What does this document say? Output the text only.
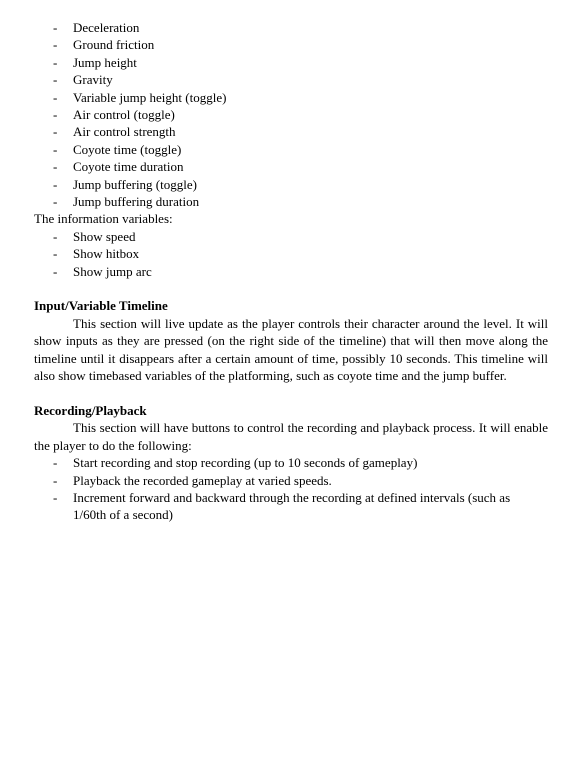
- Deceleration
- Ground friction
- Jump height
- Gravity
- Variable jump height (toggle)
- Air control (toggle)
- Air control strength
- Coyote time (toggle)
- Coyote time duration
- Jump buffering (toggle)
- Jump buffering duration
The information variables:
- Show speed
- Show hitbox
- Show jump arc
Input/Variable Timeline

This section will live update as the player controls their character around the level. It will show inputs as they are pressed (on the right side of the timeline) that will then move along the timeline until it disappears after a certain amount of time, possibly 10 seconds. This timeline will also show timebased variables of the platforming, such as coyote time and the jump buffer.

Recording/Playback

This section will have buttons to control the recording and playback process. It will enable the player to do the following:

- Start recording and stop recording (up to 10 seconds of gameplay)
- Playback the recorded gameplay at varied speeds.
- Increment forward and backward through the recording at defined intervals (such as 1/60th of a second)
